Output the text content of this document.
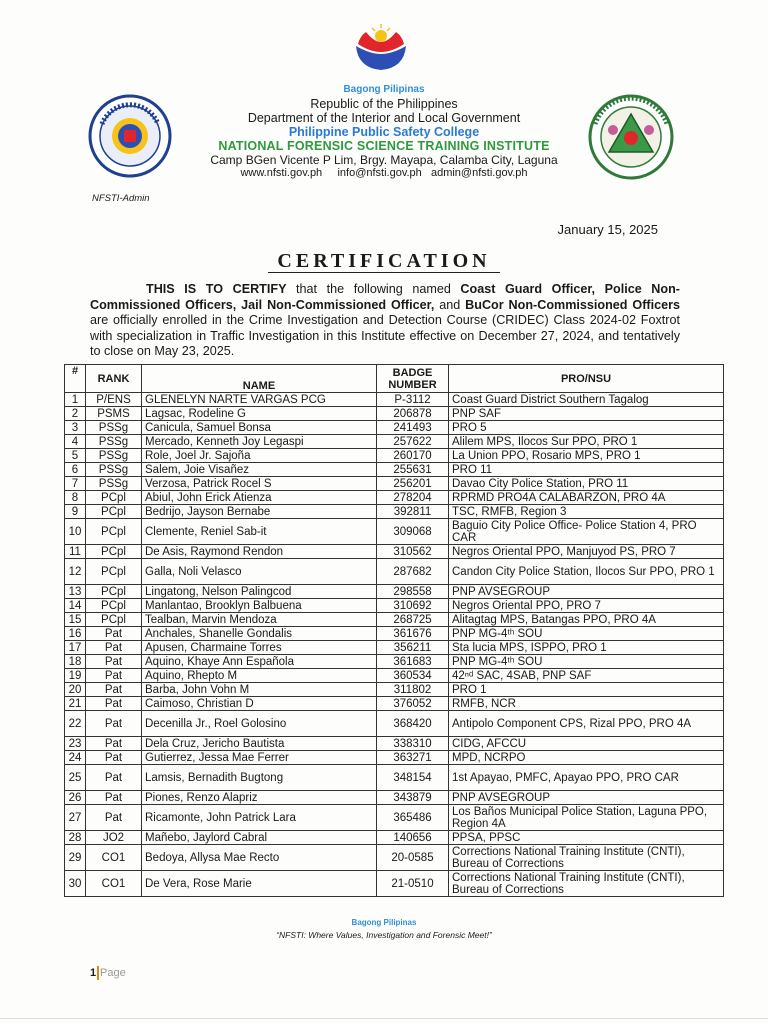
Bagong Pilipinas
Republic of the Philippines
Department of the Interior and Local Government
Philippine Public Safety College
NATIONAL FORENSIC SCIENCE TRAINING INSTITUTE
Camp BGen Vicente P Lim, Brgy. Mayapa, Calamba City, Laguna
www.nfsti.gov.ph     info@nfsti.gov.ph   admin@nfsti.gov.ph
NFSTI-Admin
January 15, 2025
CERTIFICATION
THIS IS TO CERTIFY that the following named Coast Guard Officer, Police Non-Commissioned Officers, Jail Non-Commissioned Officer, and BuCor Non-Commissioned Officers are officially enrolled in the Crime Investigation and Detection Course (CRIDEC) Class 2024-02 Foxtrot with specialization in Traffic Investigation in this Institute effective on December 27, 2024, and tentatively to close on May 23, 2025.
#	RANK	NAME	BADGE NUMBER	PRO/NSU
1	P/ENS	GLENELYN NARTE VARGAS PCG	P-3112	Coast Guard District Southern Tagalog
2	PSMS	Lagsac, Rodeline G	206878	PNP SAF
3	PSSg	Canicula, Samuel Bonsa	241493	PRO 5
4	PSSg	Mercado, Kenneth Joy Legaspi	257622	Alilem MPS, Ilocos Sur PPO, PRO 1
5	PSSg	Role, Joel Jr. Sajoña	260170	La Union PPO, Rosario MPS, PRO 1
6	PSSg	Salem, Joie Visañez	255631	PRO 11
7	PSSg	Verzosa, Patrick Rocel S	256201	Davao City Police Station, PRO 11
8	PCpl	Abiul, John Erick Atienza	278204	RPRMD PRO4A CALABARZON, PRO 4A
9	PCpl	Bedrijo, Jayson Bernabe	392811	TSC, RMFB, Region 3
10	PCpl	Clemente, Reniel Sab-it	309068	Baguio City Police Office- Police Station 4, PRO CAR
11	PCpl	De Asis, Raymond Rendon	310562	Negros Oriental PPO, Manjuyod PS, PRO 7
12	PCpl	Galla, Noli Velasco	287682	Candon City Police Station, Ilocos Sur PPO, PRO 1
13	PCpl	Lingatong, Nelson Palingcod	298558	PNP AVSEGROUP
14	PCpl	Manlantao, Brooklyn Balbuena	310692	Negros Oriental PPO, PRO 7
15	PCpl	Tealban, Marvin Mendoza	268725	Alitagtag MPS, Batangas PPO, PRO 4A
16	Pat	Anchales, Shanelle Gondalis	361676	PNP MG-4ᵗʰ SOU
17	Pat	Apusen, Charmaine Torres	356211	Sta lucia MPS, ISPPO, PRO 1
18	Pat	Aquino, Khaye Ann Española	361683	PNP MG-4ᵗʰ SOU
19	Pat	Aquino, Rhepto M	360534	42ⁿᵈ SAC, 4SAB, PNP SAF
20	Pat	Barba, John Vohn M	311802	PRO 1
21	Pat	Caimoso, Christian D	376052	RMFB, NCR
22	Pat	Decenilla Jr., Roel Golosino	368420	Antipolo Component CPS, Rizal PPO, PRO 4A
23	Pat	Dela Cruz, Jericho Bautista	338310	CIDG, AFCCU
24	Pat	Gutierrez, Jessa Mae Ferrer	363271	MPD, NCRPO
25	Pat	Lamsis, Bernadith Bugtong	348154	1st Apayao, PMFC, Apayao PPO, PRO CAR
26	Pat	Piones, Renzo Alapriz	343879	PNP AVSEGROUP
27	Pat	Ricamonte, John Patrick Lara	365486	Los Baños Municipal Police Station, Laguna PPO, Region 4A
28	JO2	Mañebo, Jaylord Cabral	140656	PPSA, PPSC
29	CO1	Bedoya, Allysa Mae Recto	20-0585	Corrections National Training Institute (CNTI), Bureau of Corrections
30	CO1	De Vera, Rose Marie	21-0510	Corrections National Training Institute (CNTI), Bureau of Corrections
Bagong Pilipinas
“NFSTI: Where Values, Investigation and Forensic Meet!”
1 Page
